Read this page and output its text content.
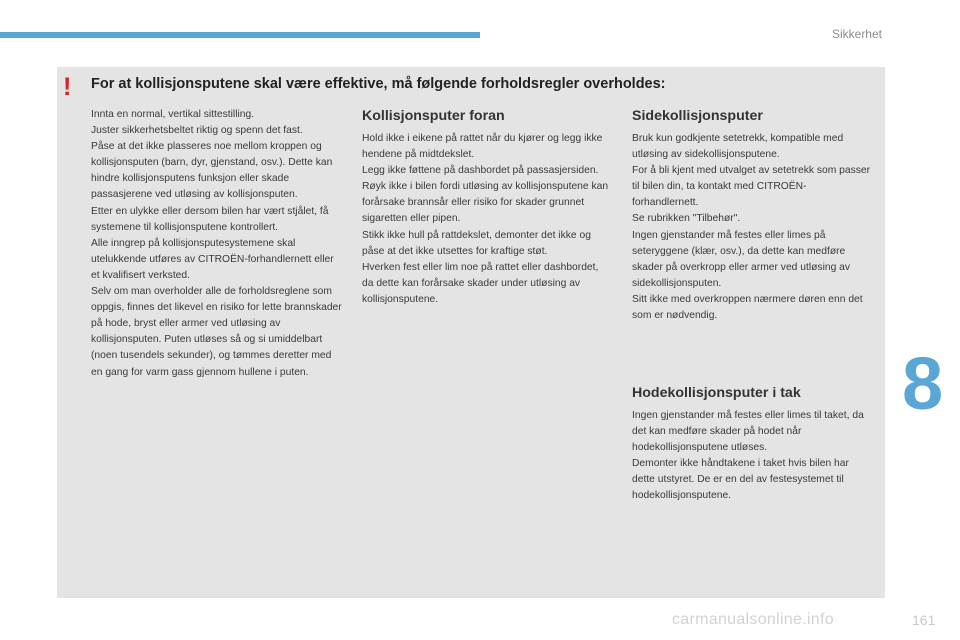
Sikkerhet
! For at kollisjonsputene skal være effektive, må følgende forholdsregler overholdes:

Innta en normal, vertikal sittestilling.

Juster sikkerhetsbeltet riktig og spenn det fast.

Påse at det ikke plasseres noe mellom kroppen og kollisjonsputen (barn, dyr, gjenstand, osv.). Dette kan hindre kollisjonsputens funksjon eller skade passasjerene ved utløsing av kollisjonsputen.

Etter en ulykke eller dersom bilen har vært stjålet, få systemene til kollisjonsputene kontrollert.

Alle inngrep på kollisjonsputesystemene skal utelukkende utføres av CITROËN-forhandlernett eller et kvalifisert verksted.

Selv om man overholder alle de forholdsreglene som oppgis, finnes det likevel en risiko for lette brannskader på hode, bryst eller armer ved utløsing av kollisjonsputen. Puten utløses så og si umiddelbart (noen tusendels sekunder), og tømmes deretter med en gang for varm gass gjennom hullene i puten.

Kollisjonsputer foran

Hold ikke i eikene på rattet når du kjører og legg ikke hendene på midtdekslet.

Legg ikke føttene på dashbordet på passasjersiden.

Røyk ikke i bilen fordi utløsing av kollisjonsputene kan forårsake brannsår eller risiko for skader grunnet sigaretten eller pipen.

Stikk ikke hull på rattdekslet, demonter det ikke og påse at det ikke utsettes for kraftige støt.

Hverken fest eller lim noe på rattet eller dashbordet, da dette kan forårsake skader under utløsing av kollisjonsputene.

Sidekollisjonsputer

Bruk kun godkjente setetrekk, kompatible med utløsing av sidekollisjonsputene.

For å bli kjent med utvalget av setetrekk som passer til bilen din, ta kontakt med CITROËN-forhandlernett.

Se rubrikken "Tilbehør".

Ingen gjenstander må festes eller limes på seteryggene (klær, osv.), da dette kan medføre skader på overkropp eller armer ved utløsing av sidekollisjonsputen.

Sitt ikke med overkroppen nærmere døren enn det som er nødvendig.

Hodekollisjonsputer i tak

Ingen gjenstander må festes eller limes til taket, da det kan medføre skader på hodet når hodekollisjonsputene utløses.

Demonter ikke håndtakene i taket hvis bilen har dette utstyret. De er en del av festesystemet til hodekollisjonsputene.

8
carmanualsonline.info	161
